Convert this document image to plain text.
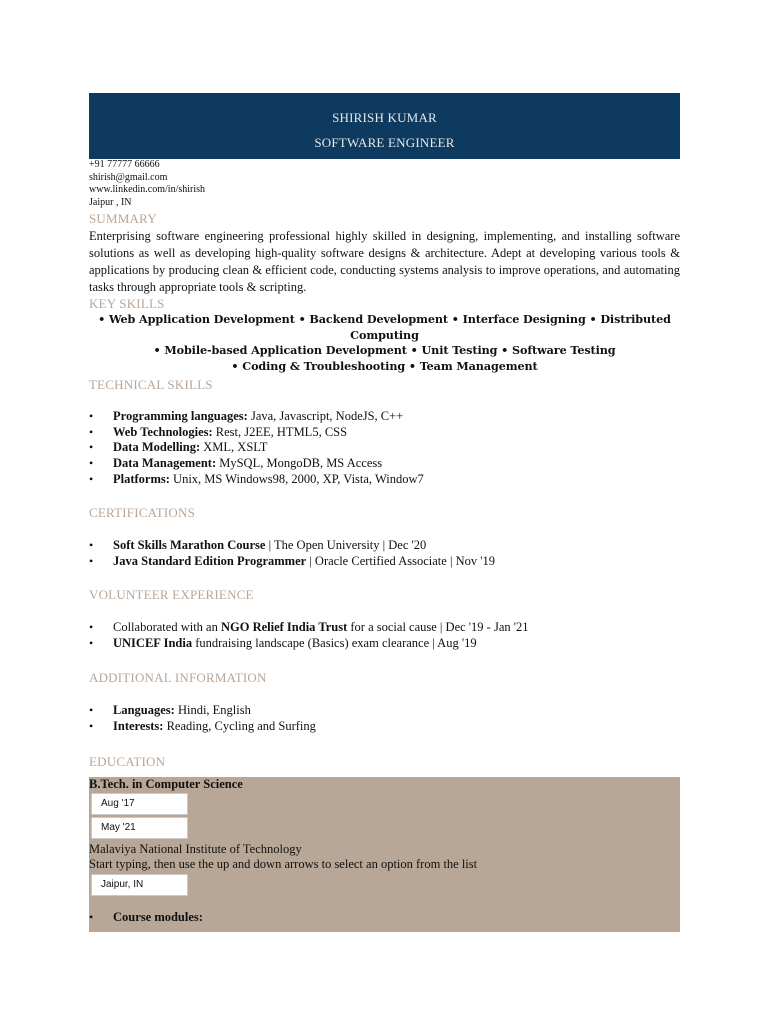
SHIRISH KUMAR
SOFTWARE ENGINEER
+91 77777 66666
shirish@gmail.com
www.linkedin.com/in/shirish
Jaipur , IN
SUMMARY
Enterprising software engineering professional highly skilled in designing, implementing, and installing software solutions as well as developing high-quality software designs & architecture. Adept at developing various tools & applications by producing clean & efficient code, conducting systems analysis to improve operations, and automating tasks through appropriate tools & scripting.
KEY SKILLS
• Web Application Development • Backend Development • Interface Designing • Distributed Computing
• Mobile-based Application Development • Unit Testing • Software Testing
• Coding & Troubleshooting • Team Management
TECHNICAL SKILLS
• Programming languages: Java, Javascript, NodeJS, C++
• Web Technologies: Rest, J2EE, HTML5, CSS
• Data Modelling: XML, XSLT
• Data Management: MySQL, MongoDB, MS Access
• Platforms: Unix, MS Windows98, 2000, XP, Vista, Window7
CERTIFICATIONS
• Soft Skills Marathon Course | The Open University | Dec '20
• Java Standard Edition Programmer | Oracle Certified Associate | Nov '19
VOLUNTEER EXPERIENCE
• Collaborated with an NGO Relief India Trust for a social cause | Dec '19 - Jan '21
• UNICEF India fundraising landscape (Basics) exam clearance | Aug '19
ADDITIONAL INFORMATION
• Languages: Hindi, English
• Interests: Reading, Cycling and Surfing
EDUCATION
B.Tech. in Computer Science
Aug '17
May '21
Malaviya National Institute of Technology
Start typing, then use the up and down arrows to select an option from the list
Jaipur, IN
• Course modules:
